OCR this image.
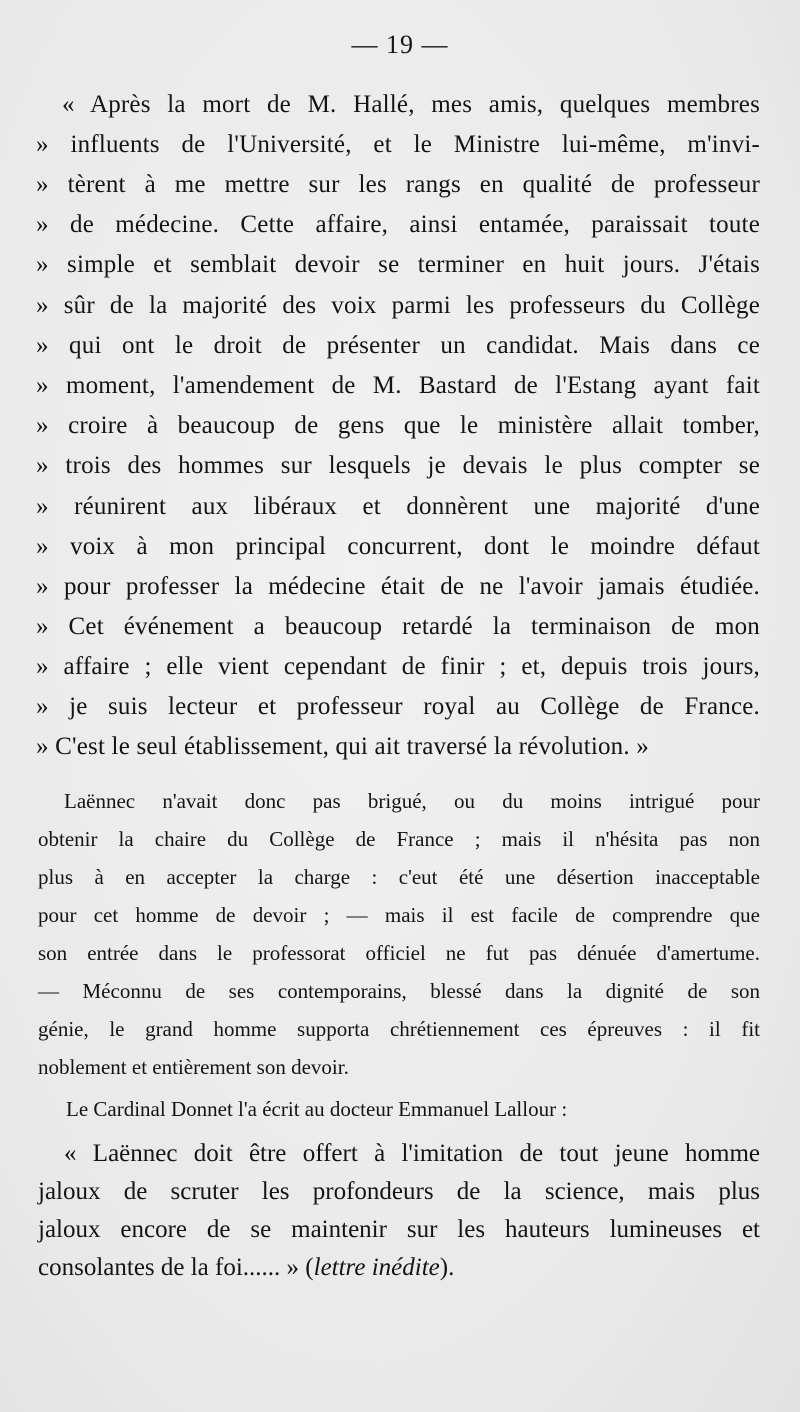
— 19 —
« Après la mort de M. Hallé, mes amis, quelques membres
» influents de l'Université, et le Ministre lui-même, m'invi-
» tèrent à me mettre sur les rangs en qualité de professeur
» de médecine. Cette affaire, ainsi entamée, paraissait toute
» simple et semblait devoir se terminer en huit jours. J'étais
» sûr de la majorité des voix parmi les professeurs du Collège
» qui ont le droit de présenter un candidat. Mais dans ce
» moment, l'amendement de M. Bastard de l'Estang ayant fait
» croire à beaucoup de gens que le ministère allait tomber,
» trois des hommes sur lesquels je devais le plus compter se
» réunirent aux libéraux et donnèrent une majorité d'une
» voix à mon principal concurrent, dont le moindre défaut
» pour professer la médecine était de ne l'avoir jamais étudiée.
» Cet événement a beaucoup retardé la terminaison de mon
» affaire ; elle vient cependant de finir ; et, depuis trois jours,
» je suis lecteur et professeur royal au Collège de France.
» C'est le seul établissement, qui ait traversé la révolution. »
Laënnec n'avait donc pas brigué, ou du moins intrigué pour
obtenir la chaire du Collège de France ; mais il n'hésita pas non
plus à en accepter la charge : c'eut été une désertion inacceptable
pour cet homme de devoir ; — mais il est facile de comprendre que
son entrée dans le professorat officiel ne fut pas dénuée d'amertume.
— Méconnu de ses contemporains, blessé dans la dignité de son
génie, le grand homme supporta chrétiennement ces épreuves : il fit
noblement et entièrement son devoir.
Le Cardinal Donnet l'a écrit au docteur Emmanuel Lallour :
« Laënnec doit être offert à l'imitation de tout jeune homme
jaloux de scruter les profondeurs de la science, mais plus
jaloux encore de se maintenir sur les hauteurs lumineuses et
consolantes de la foi...... » (lettre inédite).
